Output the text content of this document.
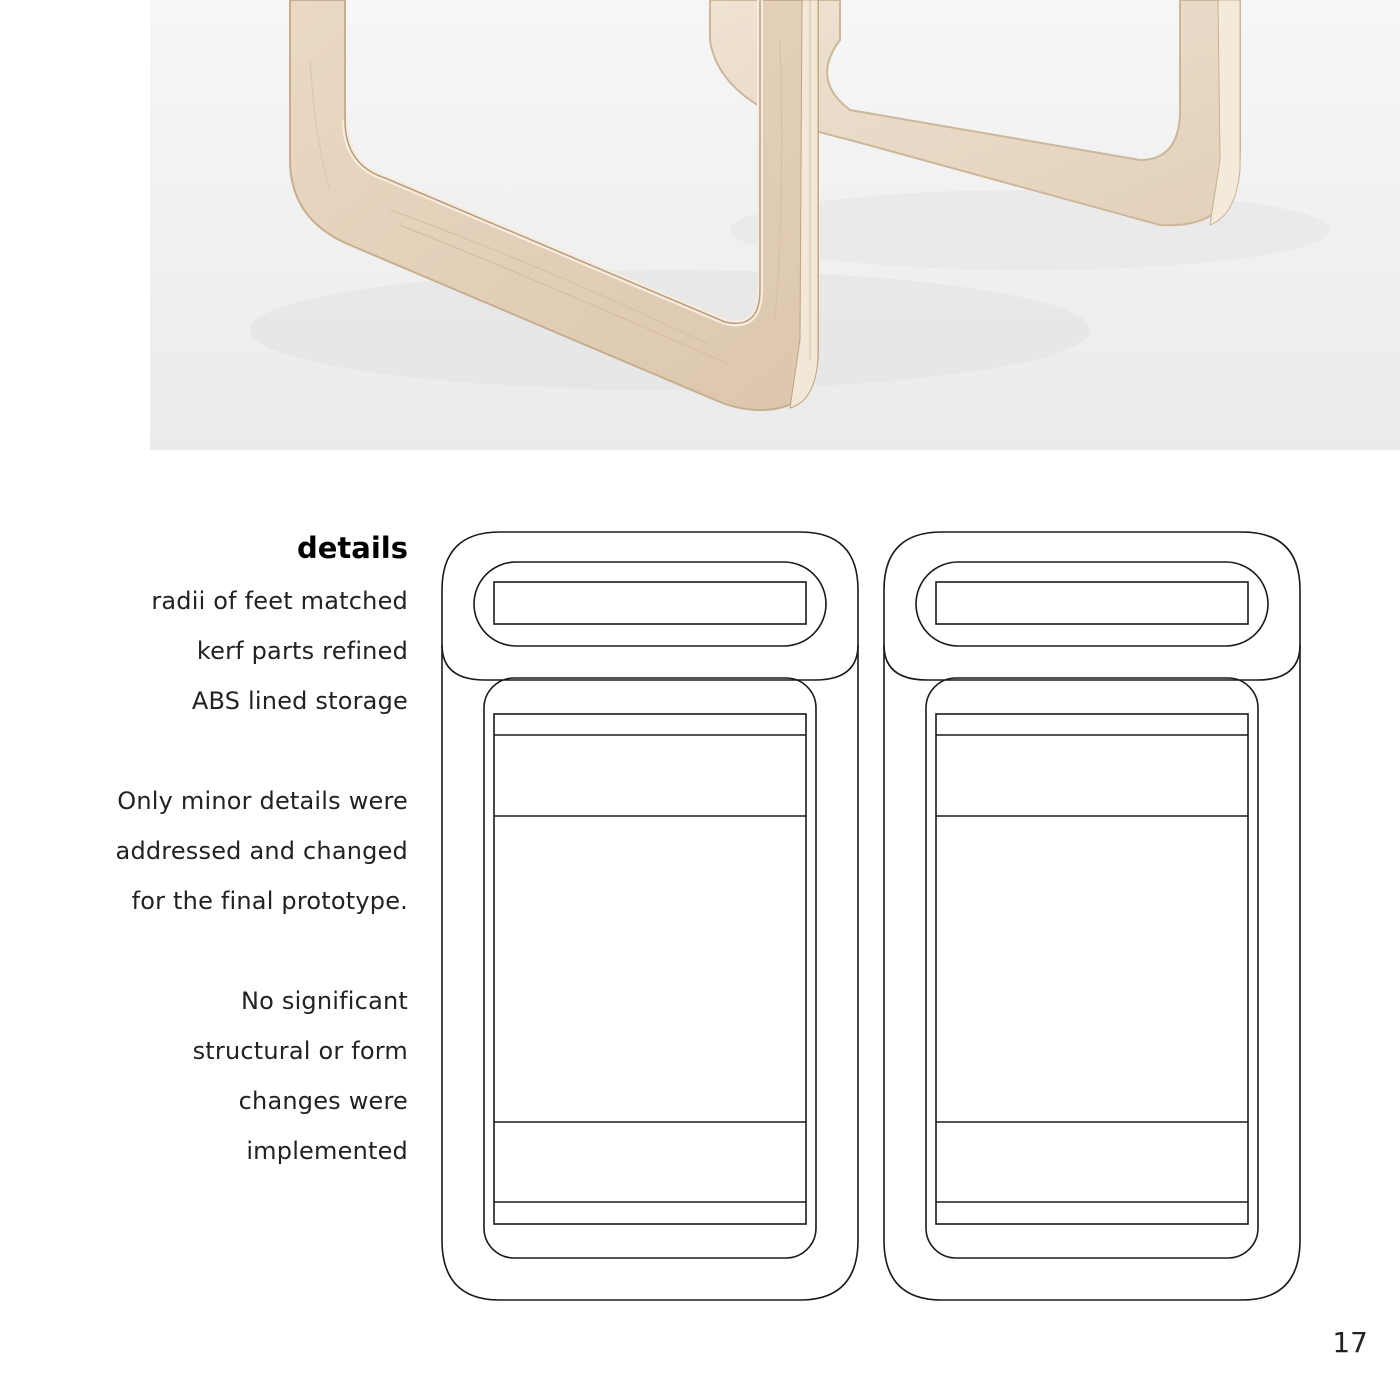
details

radii of feet matched

kerf parts refined

ABS lined storage

Only minor details were

addressed and changed

for the final prototype.

No significant

structural or form

changes were

implemented

17
